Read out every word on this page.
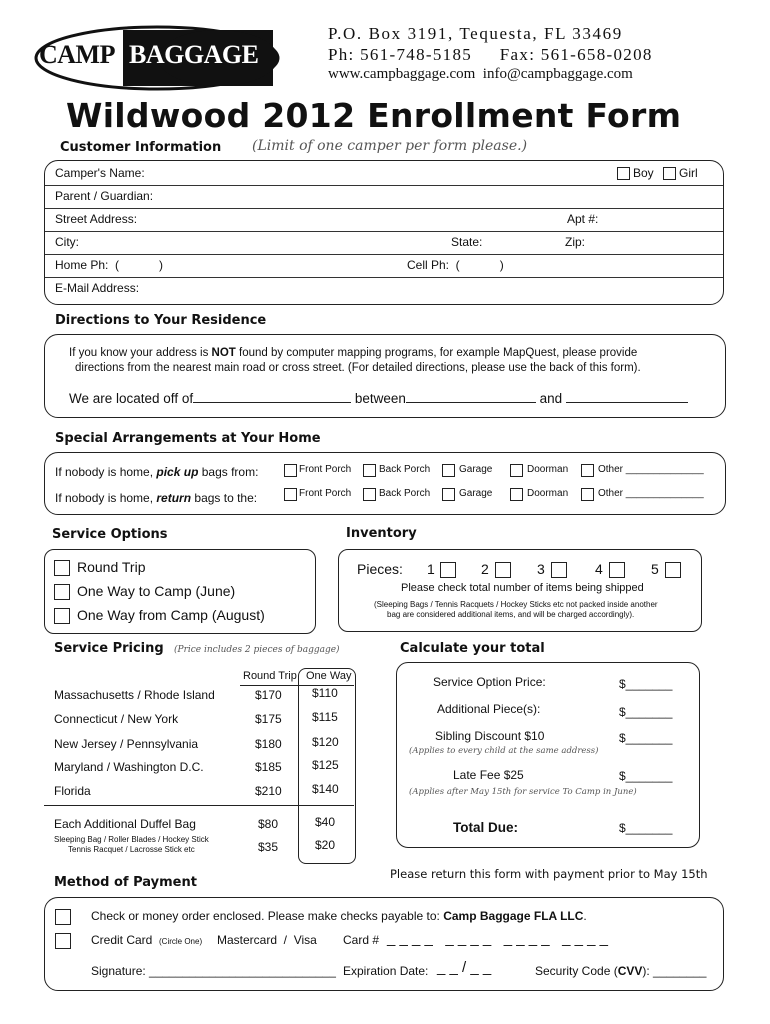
CAMP BAGGAGE
P.O. Box 3191, Tequesta, FL 33469
Ph: 561-748-5185     Fax: 561-658-0208
www.campbaggage.com  info@campbaggage.com
Wildwood 2012 Enrollment Form
Customer Information (Limit of one camper per form please.)
Camper's Name:	Boy Girl
Parent / Guardian:
Street Address:	Apt #:
City:	State:	Zip:
Home Ph:  (            )	Cell Ph:  (            )
E-Mail Address:
Directions to Your Residence
If you know your address is NOT found by computer mapping programs, for example MapQuest, please provide
directions from the nearest main road or cross street. (For detailed directions, please use the back of this form).
We are located off of	between	and
Special Arrangements at Your Home
If nobody is home, pick up bags from:
If nobody is home, return bags to the:
Front Porch	Back Porch	Garage	Doorman	Other ______________
Front Porch	Back Porch	Garage	Doorman	Other ______________
Service Options
Round Trip
One Way to Camp (June)
One Way from Camp (August)
Inventory
Pieces: 1	2	3	4	5
Please check total number of items being shipped
(Sleeping Bags / Tennis Racquets / Hockey Sticks etc not packed inside another
bag are considered additional items, and will be charged accordingly).
Service Pricing (Price includes 2 pieces of baggage)
Round Trip One Way
Massachusetts / Rhode Island	$170	$110
Connecticut / New York	$175	$115
New Jersey / Pennsylvania	$180	$120
Maryland / Washington D.C.	$185	$125
Florida	$210	$140
Each Additional Duffel Bag	$80	$40
Sleeping Bag / Roller Blades / Hockey Stick
Tennis Racquet / Lacrosse Stick etc	$35	$20
Calculate your total
Service Option Price:	$_______
Additional Piece(s):	$_______
Sibling Discount $10	$_______
(Applies to every child at the same address)
Late Fee $25	$_______
(Applies after May 15th for service To Camp in June)
Total Due:	$_______
Please return this form with payment prior to May 15th
Method of Payment
Check or money order enclosed. Please make checks payable to: Camp Baggage FLA LLC.
Credit Card (Circle One) Mastercard  /  Visa Card # _ _ _ _   _ _ _ _   _ _ _ _   _ _ _ _
Signature: ____________________________ Expiration Date: _ _ / _ _	Security Code (CVV): ________
